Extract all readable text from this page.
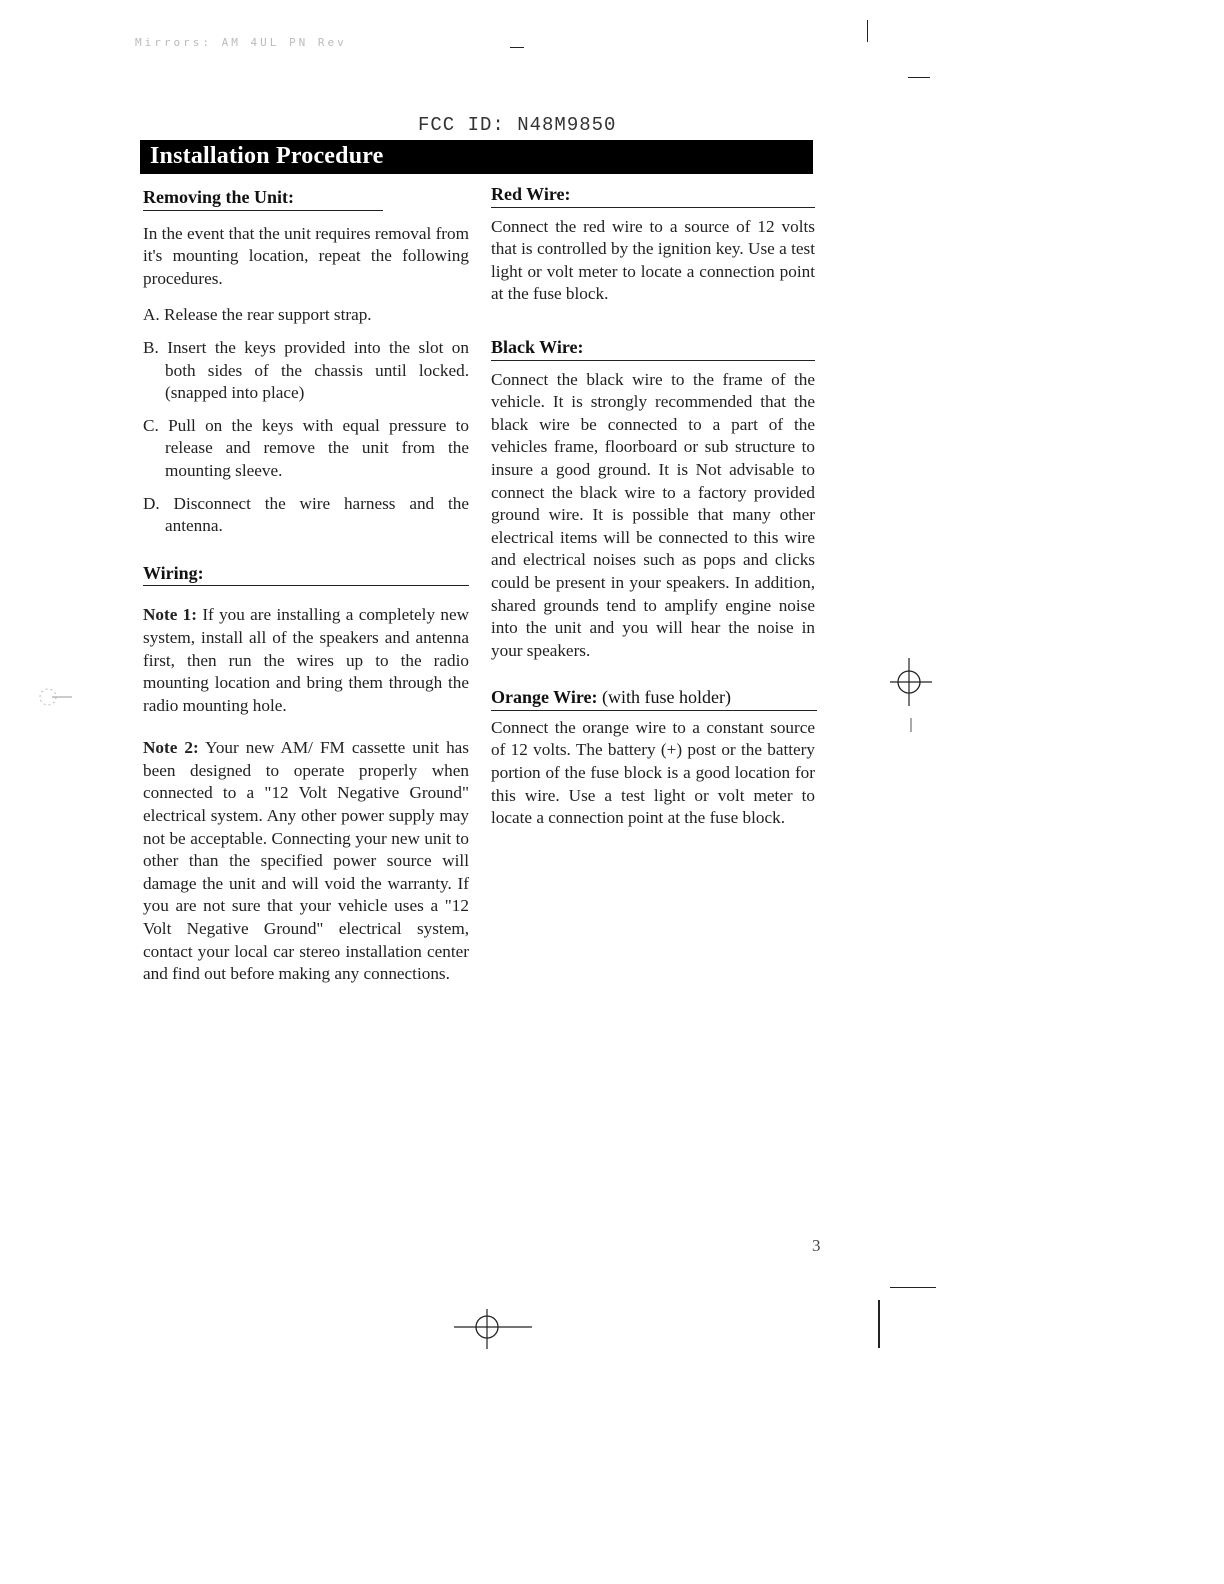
Mirrors: AM 4UL PN Rev
FCC ID: N48M9850
Installation Procedure
Removing the Unit:

In the event that the unit requires removal from it's mounting location, repeat the following procedures.

A. Release the rear support strap.

B. Insert the keys provided into the slot on both sides of the chassis until locked. (snapped into place)

C. Pull on the keys with equal pressure to release and remove the unit from the mounting sleeve.

D. Disconnect the wire harness and the antenna.

Wiring:

Note 1: If you are installing a completely new system, install all of the speakers and antenna first, then run the wires up to the radio mounting location and bring them through the radio mounting hole.

Note 2: Your new AM/ FM cassette unit has been designed to operate properly when connected to a "12 Volt Negative Ground" electrical system. Any other power supply may not be acceptable. Connecting your new unit to other than the specified power source will damage the unit and will void the warranty. If you are not sure that your vehicle uses a "12 Volt Negative Ground" electrical system, contact your local car stereo installation center and find out before making any connections.

Red Wire:

Connect the red wire to a source of 12 volts that is controlled by the ignition key. Use a test light or volt meter to locate a connection point at the fuse block.

Black Wire:

Connect the black wire to the frame of the vehicle. It is strongly recommended that the black wire be connected to a part of the vehicles frame, floorboard or sub structure to insure a good ground. It is Not advisable to connect the black wire to a factory provided ground wire. It is possible that many other electrical items will be connected to this wire and electrical noises such as pops and clicks could be present in your speakers. In addition, shared grounds tend to amplify engine noise into the unit and you will hear the noise in your speakers.

Orange Wire: (with fuse holder)

Connect the orange wire to a constant source of 12 volts. The battery (+) post or the battery portion of the fuse block is a good location for this wire. Use a test light or volt meter to locate a connection point at the fuse block.

3
